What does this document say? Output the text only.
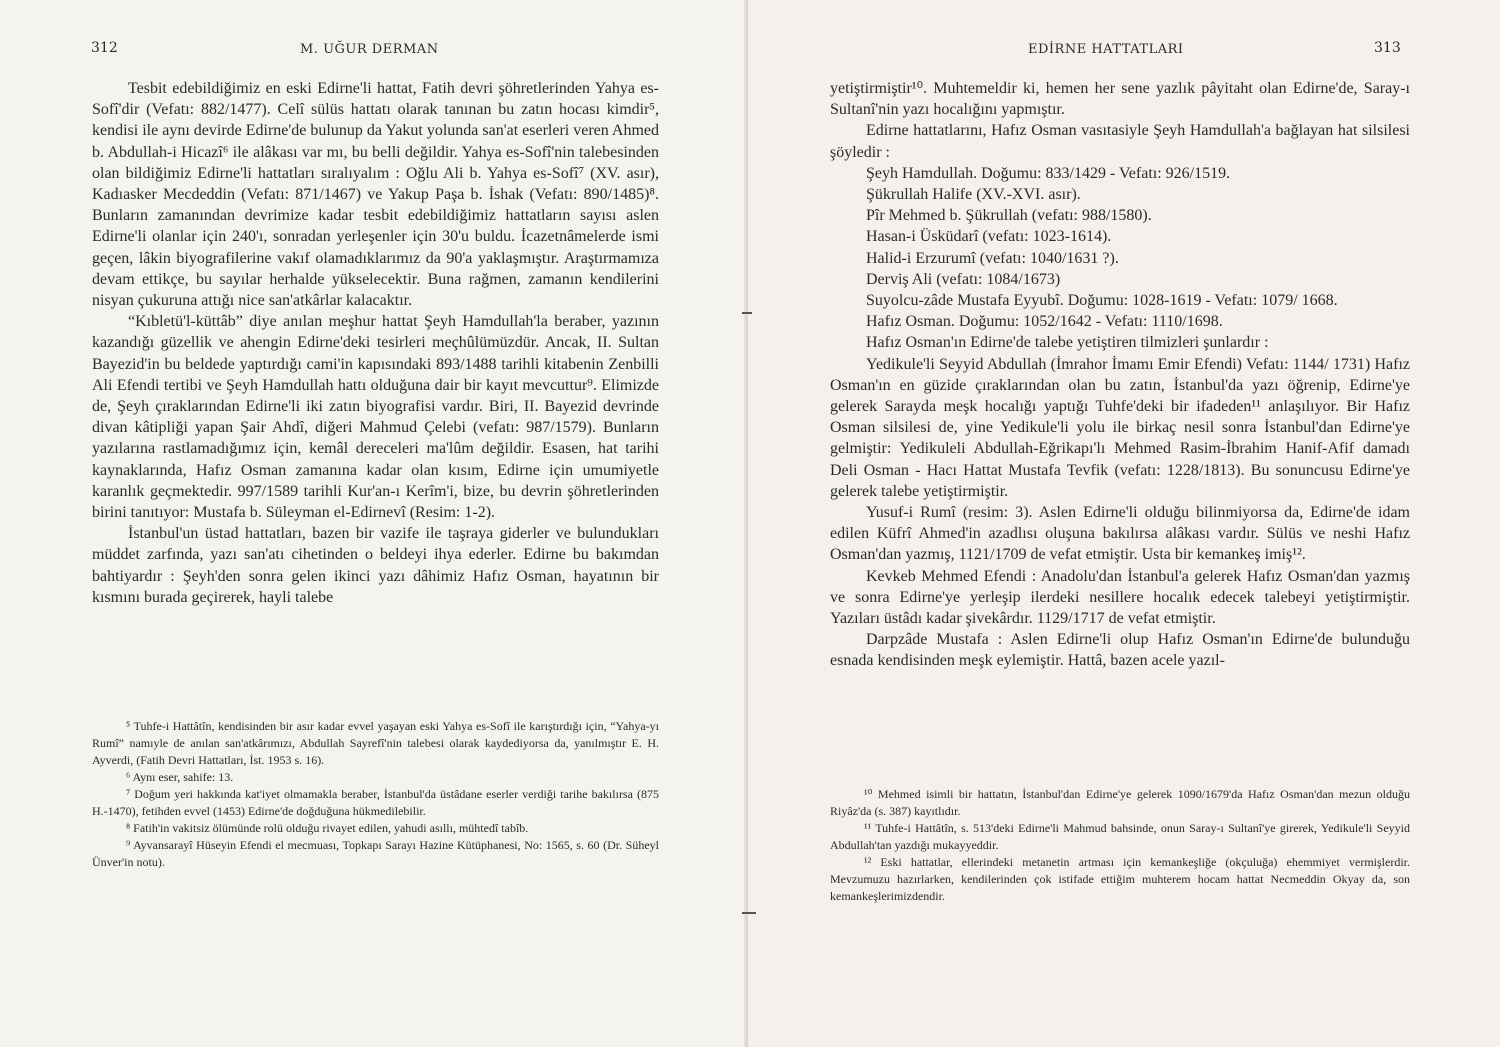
312	M. UĞUR DERMAN

Tesbit edebildiğimiz en eski Edirne'li hattat, Fatih devri şöhretlerinden Yahya es-Sofî'dir (Vefatı: 882/1477). Celî sülüs hattatı olarak tanınan bu zatın hocası kimdir⁵, kendisi ile aynı devirde Edirne'de bulunup da Yakut yolunda san'at eserleri veren Ahmed b. Abdullah-i Hicazî⁶ ile alâkası var mı, bu belli değildir. Yahya es-Sofî'nin talebesinden olan bildiğimiz Edirne'li hattatları sıralıyalım : Oğlu Ali b. Yahya es-Sofî⁷ (XV. asır), Kadıasker Mecdeddin (Vefatı: 871/1467) ve Yakup Paşa b. İshak (Vefatı: 890/1485)⁸. Bunların zamanından devrimize kadar tesbit edebildiğimiz hattatların sayısı aslen Edirne'li olanlar için 240'ı, sonradan yerleşenler için 30'u buldu. İcazetnâmelerde ismi geçen, lâkin biyografilerine vakıf olamadıklarımız da 90'a yaklaşmıştır. Araştırmamıza devam ettikçe, bu sayılar herhalde yükselecektir. Buna rağmen, zamanın kendilerini nisyan çukuruna attığı nice san'atkârlar kalacaktır.

“Kıbletü'l-küttâb” diye anılan meşhur hattat Şeyh Hamdullah'la beraber, yazının kazandığı güzellik ve ahengin Edirne'deki tesirleri meçhûlümüzdür. Ancak, II. Sultan Bayezid'in bu beldede yaptırdığı cami'in kapısındaki 893/1488 tarihli kitabenin Zenbilli Ali Efendi tertibi ve Şeyh Hamdullah hattı olduğuna dair bir kayıt mevcuttur⁹. Elimizde de, Şeyh çıraklarından Edirne'li iki zatın biyografisi vardır. Biri, II. Bayezid devrinde divan kâtipliği yapan Şair Ahdî, diğeri Mahmud Çelebi (vefatı: 987/1579). Bunların yazılarına rastlamadığımız için, kemâl dereceleri ma'lûm değildir. Esasen, hat tarihi kaynaklarında, Hafız Osman zamanına kadar olan kısım, Edirne için umumiyetle karanlık geçmektedir. 997/1589 tarihli Kur'an-ı Kerîm'i, bize, bu devrin şöhretlerinden birini tanıtıyor: Mustafa b. Süleyman el-Edirnevî (Resim: 1-2).

İstanbul'un üstad hattatları, bazen bir vazife ile taşraya giderler ve bulundukları müddet zarfında, yazı san'atı cihetinden o beldeyi ihya ederler. Edirne bu bakımdan bahtiyardır : Şeyh'den sonra gelen ikinci yazı dâhimiz Hafız Osman, hayatının bir kısmını burada geçirerek, hayli talebe

⁵ Tuhfe-i Hattâtîn, kendisinden bir asır kadar evvel yaşayan eski Yahya es-Sofî ile karıştırdığı için, “Yahya-yı Rumî” namıyle de anılan san'atkârımızı, Abdullah Sayrefî'nin talebesi olarak kaydediyorsa da, yanılmıştır E. H. Ayverdi, (Fatih Devri Hattatları, İst. 1953 s. 16).

⁶ Aynı eser, sahife: 13.

⁷ Doğum yeri hakkında kat'iyet olmamakla beraber, İstanbul'da üstâdane eserler verdiği tarihe bakılırsa (875 H.-1470), fetihden evvel (1453) Edirne'de doğduğuna hükmedilebilir.

⁸ Fatih'in vakitsiz ölümünde rolü olduğu rivayet edilen, yahudi asıllı, mühtedî tabîb.

⁹ Ayvansarayî Hüseyin Efendi el mecmuası, Topkapı Sarayı Hazine Kütüphanesi, No: 1565, s. 60 (Dr. Süheyl Ünver'in notu).

EDİRNE HATTATLARI	313

yetiştirmiştir¹⁰. Muhtemeldir ki, hemen her sene yazlık pâyitaht olan Edirne'de, Saray-ı Sultanî'nin yazı hocalığını yapmıştır.

Edirne hattatlarını, Hafız Osman vasıtasiyle Şeyh Hamdullah'a bağlayan hat silsilesi şöyledir :

Şeyh Hamdullah. Doğumu: 833/1429 - Vefatı: 926/1519.

Şükrullah Halife (XV.-XVI. asır).

Pîr Mehmed b. Şükrullah (vefatı: 988/1580).

Hasan-i Üsküdarî (vefatı: 1023-1614).

Halid-i Erzurumî (vefatı: 1040/1631 ?).

Derviş Ali (vefatı: 1084/1673)

Suyolcu-zâde Mustafa Eyyubî. Doğumu: 1028-1619 - Vefatı: 1079/ 1668.

Hafız Osman. Doğumu: 1052/1642 - Vefatı: 1110/1698.

Hafız Osman'ın Edirne'de talebe yetiştiren tilmizleri şunlardır :

Yedikule'li Seyyid Abdullah (İmrahor İmamı Emir Efendi) Vefatı: 1144/ 1731) Hafız Osman'ın en güzide çıraklarından olan bu zatın, İstanbul'da yazı öğrenip, Edirne'ye gelerek Sarayda meşk hocalığı yaptığı Tuhfe'deki bir ifadeden¹¹ anlaşılıyor. Bir Hafız Osman silsilesi de, yine Yedikule'li yolu ile birkaç nesil sonra İstanbul'dan Edirne'ye gelmiştir: Yedikuleli Abdullah-Eğrikapı'lı Mehmed Rasim-İbrahim Hanif-Afif damadı Deli Osman - Hacı Hattat Mustafa Tevfik (vefatı: 1228/1813). Bu sonuncusu Edirne'ye gelerek talebe yetiştirmiştir.

Yusuf-i Rumî (resim: 3). Aslen Edirne'li olduğu bilinmiyorsa da, Edirne'de idam edilen Küfrî Ahmed'in azadlısı oluşuna bakılırsa alâkası vardır. Sülüs ve neshi Hafız Osman'dan yazmış, 1121/1709 de vefat etmiştir. Usta bir kemankeş imiş¹².

Kevkeb Mehmed Efendi : Anadolu'dan İstanbul'a gelerek Hafız Osman'dan yazmış ve sonra Edirne'ye yerleşip ilerdeki nesillere hocalık edecek talebeyi yetiştirmiştir. Yazıları üstâdı kadar şivekârdır. 1129/1717 de vefat etmiştir.

Darpzâde Mustafa : Aslen Edirne'li olup Hafız Osman'ın Edirne'de bulunduğu esnada kendisinden meşk eylemiştir. Hattâ, bazen acele yazıl-

¹⁰ Mehmed isimli bir hattatın, İstanbul'dan Edirne'ye gelerek 1090/1679'da Hafız Osman'dan mezun olduğu Riyâz'da (s. 387) kayıtlıdır.

¹¹ Tuhfe-i Hattâtîn, s. 513'deki Edirne'li Mahmud bahsinde, onun Saray-ı Sultanî'ye girerek, Yedikule'li Seyyid Abdullah'tan yazdığı mukayyeddir.

¹² Eski hattatlar, ellerindeki metanetin artması için kemankeşliğe (okçuluğa) ehemmiyet vermişlerdir. Mevzumuzu hazırlarken, kendilerinden çok istifade ettiğim muhterem hocam hattat Necmeddin Okyay da, son kemankeşlerimizdendir.
